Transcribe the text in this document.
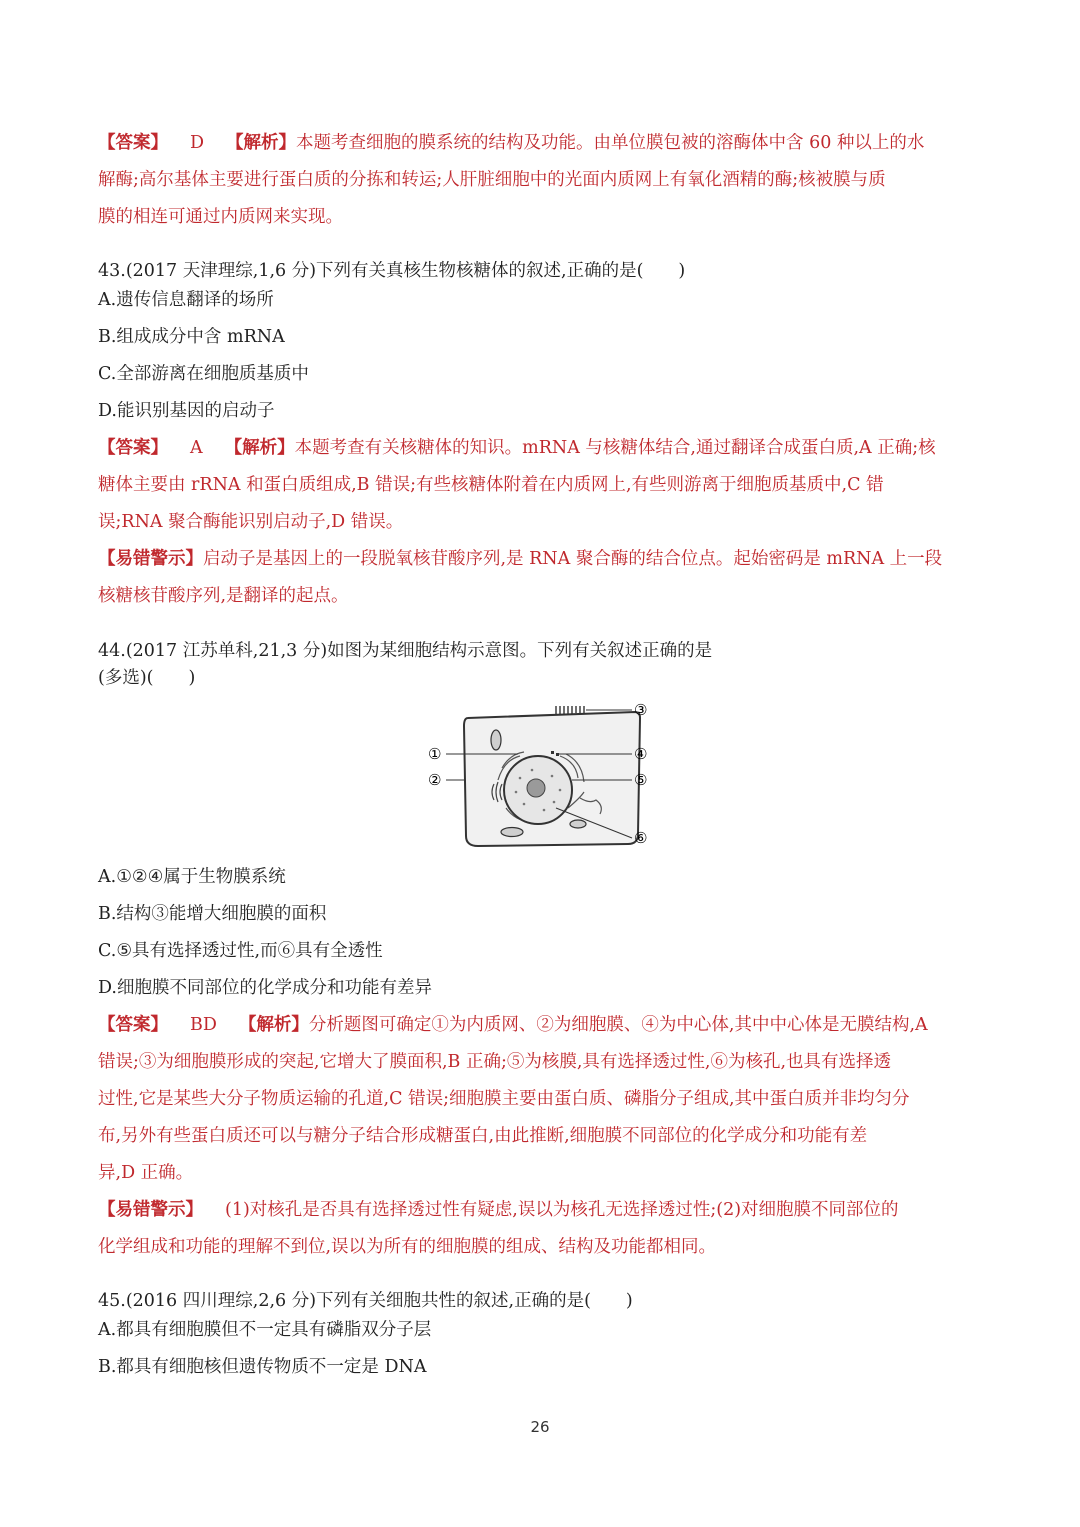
【答案】 D 【解析】本题考查细胞的膜系统的结构及功能。由单位膜包被的溶酶体中含 60 种以上的水
解酶;高尔基体主要进行蛋白质的分拣和转运;人肝脏细胞中的光面内质网上有氧化酒精的酶;核被膜与质
膜的相连可通过内质网来实现。
43.(2017 天津理综,1,6 分)下列有关真核生物核糖体的叙述,正确的是(　　)
A.遗传信息翻译的场所
B.组成成分中含 mRNA
C.全部游离在细胞质基质中
D.能识别基因的启动子
【答案】 A 【解析】本题考查有关核糖体的知识。mRNA 与核糖体结合,通过翻译合成蛋白质,A 正确;核
糖体主要由 rRNA 和蛋白质组成,B 错误;有些核糖体附着在内质网上,有些则游离于细胞质基质中,C 错
误;RNA 聚合酶能识别启动子,D 错误。
【易错警示】启动子是基因上的一段脱氧核苷酸序列,是 RNA 聚合酶的结合位点。起始密码是 mRNA 上一段
核糖核苷酸序列,是翻译的起点。
44.(2017 江苏单科,21,3 分)如图为某细胞结构示意图。下列有关叙述正确的是
(多选)(　　)
①
②
③
④
⑤
⑥
A.①②④属于生物膜系统
B.结构③能增大细胞膜的面积
C.⑤具有选择透过性,而⑥具有全透性
D.细胞膜不同部位的化学成分和功能有差异
【答案】 BD 【解析】分析题图可确定①为内质网、②为细胞膜、④为中心体,其中中心体是无膜结构,A
错误;③为细胞膜形成的突起,它增大了膜面积,B 正确;⑤为核膜,具有选择透过性,⑥为核孔,也具有选择透
过性,它是某些大分子物质运输的孔道,C 错误;细胞膜主要由蛋白质、磷脂分子组成,其中蛋白质并非均匀分
布,另外有些蛋白质还可以与糖分子结合形成糖蛋白,由此推断,细胞膜不同部位的化学成分和功能有差
异,D 正确。
【易错警示】 (1)对核孔是否具有选择透过性有疑虑,误以为核孔无选择透过性;(2)对细胞膜不同部位的
化学组成和功能的理解不到位,误以为所有的细胞膜的组成、结构及功能都相同。
45.(2016 四川理综,2,6 分)下列有关细胞共性的叙述,正确的是(　　)
A.都具有细胞膜但不一定具有磷脂双分子层
B.都具有细胞核但遗传物质不一定是 DNA
26
